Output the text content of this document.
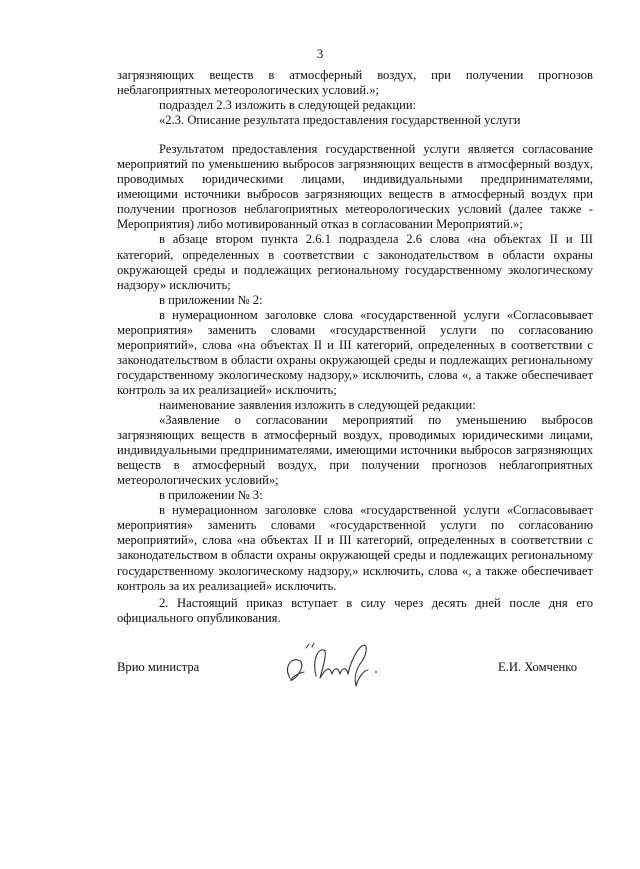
3

загрязняющих веществ в атмосферный воздух, при получении прогнозов неблагоприятных метеорологических условий.»;

подраздел 2.3 изложить в следующей редакции:

«2.3. Описание результата предоставления государственной услуги

Результатом предоставления государственной услуги является согласование мероприятий по уменьшению выбросов загрязняющих веществ в атмосферный воздух, проводимых юридическими лицами, индивидуальными предпринимателями, имеющими источники выбросов загрязняющих веществ в атмосферный воздух при получении прогнозов неблагоприятных метеорологических условий (далее также - Мероприятия) либо мотивированный отказ в согласовании Мероприятий.»;

в абзаце втором пункта 2.6.1 подраздела 2.6 слова «на объектах II и III категорий, определенных в соответствии с законодательством в области охраны окружающей среды и подлежащих региональному государственному экологическому надзору» исключить;

в приложении № 2:

в нумерационном заголовке слова «государственной услуги «Согласовывает мероприятия» заменить словами «государственной услуги по согласованию мероприятий», слова «на объектах II и III категорий, определенных в соответствии с законодательством в области охраны окружающей среды и подлежащих региональному государственному экологическому надзору,» исключить, слова «, а также обеспечивает контроль за их реализацией» исключить;

наименование заявления изложить в следующей редакции:

«Заявление о согласовании мероприятий по уменьшению выбросов загрязняющих веществ в атмосферный воздух, проводимых юридическими лицами, индивидуальными предпринимателями, имеющими источники выбросов загрязняющих веществ в атмосферный воздух, при получении прогнозов неблагоприятных метеорологических условий»;

в приложении № 3:

в нумерационном заголовке слова «государственной услуги «Согласовывает мероприятия» заменить словами «государственной услуги по согласованию мероприятий», слова «на объектах II и III категорий, определенных в соответствии с законодательством в области охраны окружающей среды и подлежащих региональному государственному экологическому надзору,» исключить, слова «, а также обеспечивает контроль за их реализацией» исключить.

2. Настоящий приказ вступает в силу через десять дней после дня его официального опубликования.

Врио министра	Е.И. Хомченко
